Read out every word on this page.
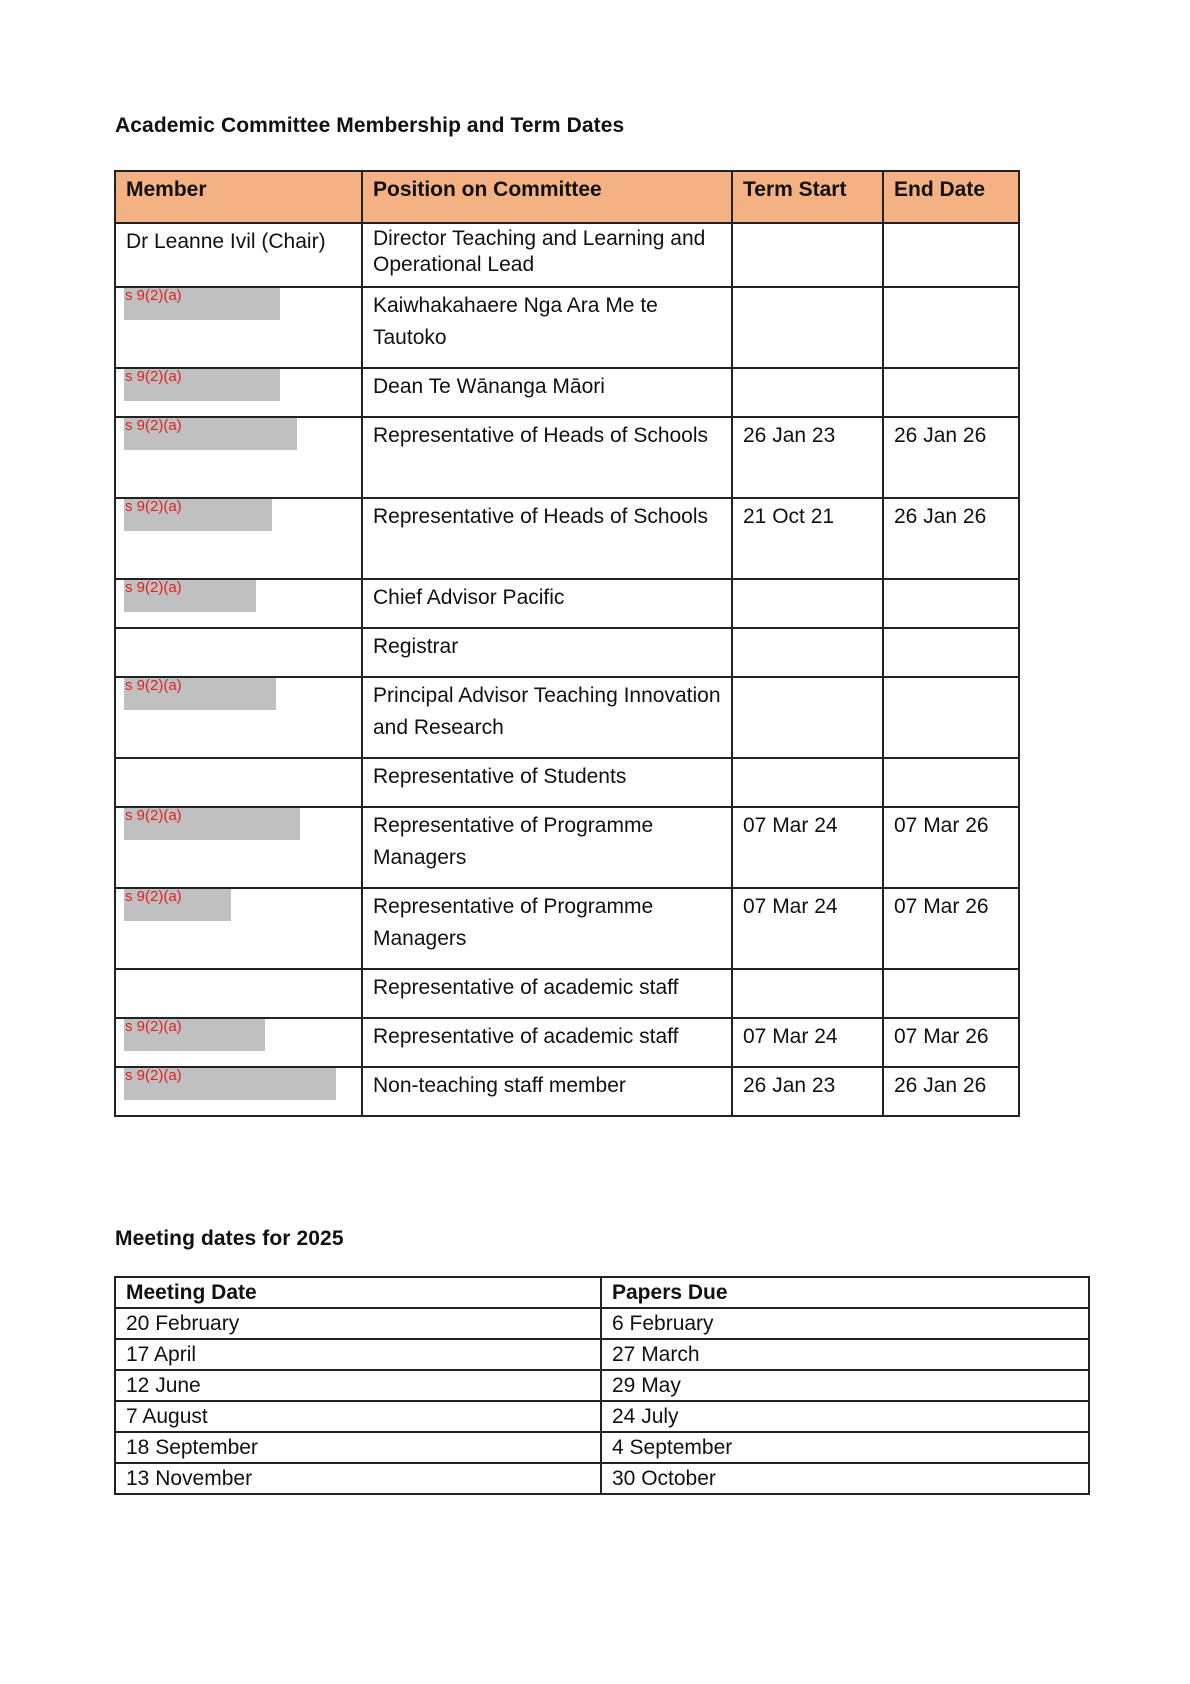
Academic Committee Membership and Term Dates
Member	Position on Committee	Term Start	End Date
Dr Leanne Ivil (Chair)	Director Teaching and Learning and Operational Lead		

s 9(2)(a)	Kaiwhakahaere Nga Ara Me te Tautoko		

s 9(2)(a)	Dean Te Wānanga Māori		

s 9(2)(a)	Representative of Heads of Schools	26 Jan 23	26 Jan 26

s 9(2)(a)	Representative of Heads of Schools	21 Oct 21	26 Jan 26

s 9(2)(a)	Chief Advisor Pacific		
	Registrar		

s 9(2)(a)	Principal Advisor Teaching Innovation and Research		
	Representative of Students		

s 9(2)(a)	Representative of Programme Managers	07 Mar 24	07 Mar 26

s 9(2)(a)	Representative of Programme Managers	07 Mar 24	07 Mar 26
	Representative of academic staff		

s 9(2)(a)	Representative of academic staff	07 Mar 24	07 Mar 26

s 9(2)(a)	Non-teaching staff member	26 Jan 23	26 Jan 26
Meeting dates for 2025
Meeting Date	Papers Due
20 February	6 February
17 April	27 March
12 June	29 May
7 August	24 July
18 September	4 September
13 November	30 October
